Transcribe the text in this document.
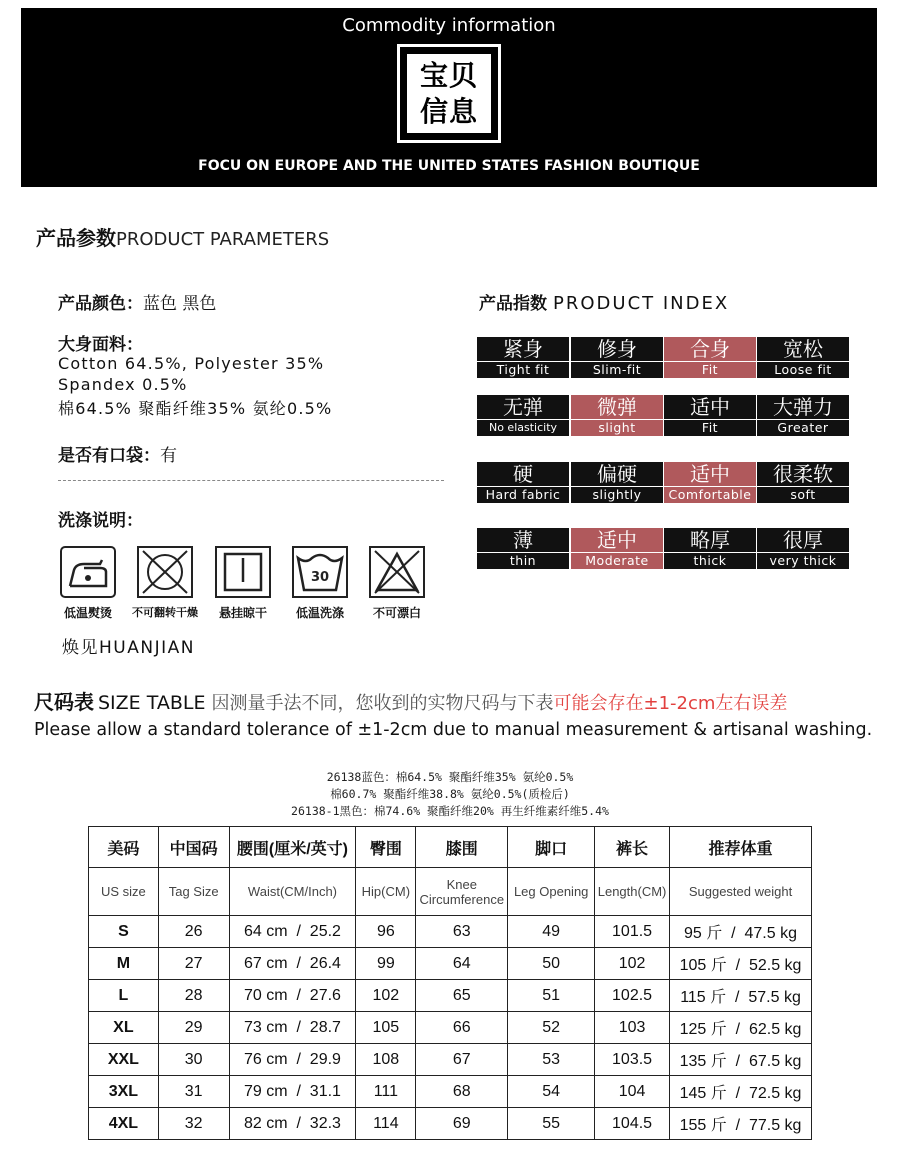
Commodity information
宝贝
信息
FOCU ON EUROPE AND THE UNITED STATES FASHION BOUTIQUE
产品参数PRODUCT PARAMETERS
产品颜色：蓝色 黑色
大身面料：
Cotton 64.5%, Polyester 35%
Spandex 0.5%
棉64.5% 聚酯纤维35% 氨纶0.5%
是否有口袋：有
洗涤说明：
30
低温熨烫	不可翻转干燥	悬挂晾干	低温洗涤	不可漂白
焕见HUANJIAN
产品指数 PRODUCT INDEX
紧身
Tight fit
修身
Slim-fit
合身
Fit
宽松
Loose fit
无弹
No elasticity
微弹
slight
适中
Fit
大弹力
Greater
硬
Hard fabric
偏硬
slightly
适中
Comfortable
很柔软
soft
薄
thin
适中
Moderate
略厚
thick
很厚
very thick
尺码表 SIZE TABLE 因测量手法不同，您收到的实物尺码与下表可能会存在±1-2cm左右误差
Please allow a standard tolerance of ±1-2cm due to manual measurement & artisanal washing.
26138蓝色：棉64.5% 聚酯纤维35% 氨纶0.5%
棉60.7% 聚酯纤维38.8% 氨纶0.5%(质检后)
26138-1黑色：棉74.6% 聚酯纤维20% 再生纤维素纤维5.4%
美码	中国码	腰围(厘米/英寸)	臀围	膝围	脚口	裤长	推荐体重
US size	Tag Size	Waist(CM/Inch)	Hip(CM)	Knee Circumference	Leg Opening	Length(CM)	Suggested weight
S	26	64 cm  /  25.2	96	63	49	101.5	95 斤  /  47.5 kg
M	27	67 cm  /  26.4	99	64	50	102	105 斤  /  52.5 kg
L	28	70 cm  /  27.6	102	65	51	102.5	115 斤  /  57.5 kg
XL	29	73 cm  /  28.7	105	66	52	103	125 斤  /  62.5 kg
XXL	30	76 cm  /  29.9	108	67	53	103.5	135 斤  /  67.5 kg
3XL	31	79 cm  /  31.1	111	68	54	104	145 斤  /  72.5 kg
4XL	32	82 cm  /  32.3	114	69	55	104.5	155 斤  /  77.5 kg
